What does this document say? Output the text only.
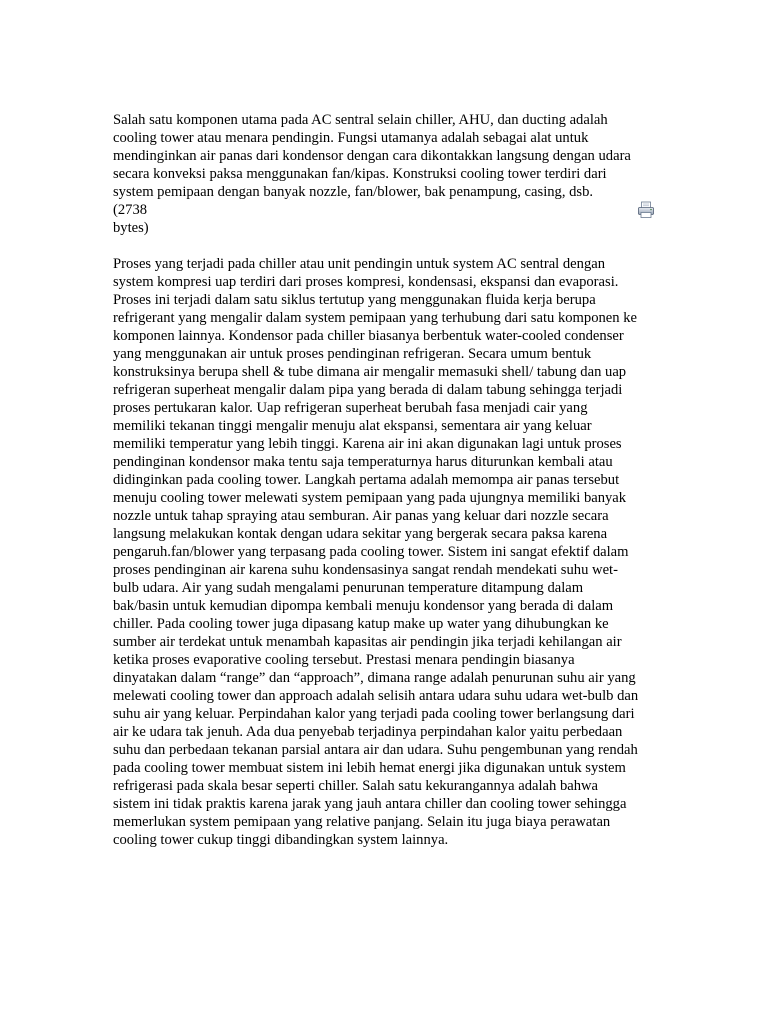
Salah satu komponen utama pada AC sentral selain chiller, AHU, dan ducting adalah
cooling tower atau menara pendingin. Fungsi utamanya adalah sebagai alat untuk
mendinginkan air panas dari kondensor dengan cara dikontakkan langsung dengan udara
secara konveksi paksa menggunakan fan/kipas. Konstruksi cooling tower terdiri dari
system pemipaan dengan banyak nozzle, fan/blower, bak penampung, casing, dsb.

(2738
bytes)

Proses yang terjadi pada chiller atau unit pendingin untuk system AC sentral dengan
system kompresi uap terdiri dari proses kompresi, kondensasi, ekspansi dan evaporasi.
Proses ini terjadi dalam satu siklus tertutup yang menggunakan fluida kerja berupa
refrigerant yang mengalir dalam system pemipaan yang terhubung dari satu komponen ke
komponen lainnya. Kondensor pada chiller biasanya berbentuk water-cooled condenser
yang menggunakan air untuk proses pendinginan refrigeran. Secara umum bentuk
konstruksinya berupa shell & tube dimana air mengalir memasuki shell/ tabung dan uap
refrigeran superheat mengalir dalam pipa yang berada di dalam tabung sehingga terjadi
proses pertukaran kalor. Uap refrigeran superheat berubah fasa menjadi cair yang
memiliki tekanan tinggi mengalir menuju alat ekspansi, sementara air yang keluar
memiliki temperatur yang lebih tinggi. Karena air ini akan digunakan lagi untuk proses
pendinginan kondensor maka tentu saja temperaturnya harus diturunkan kembali atau
didinginkan pada cooling tower. Langkah pertama adalah memompa air panas tersebut
menuju cooling tower melewati system pemipaan yang pada ujungnya memiliki banyak
nozzle untuk tahap spraying atau semburan. Air panas yang keluar dari nozzle secara
langsung melakukan kontak dengan udara sekitar yang bergerak secara paksa karena
pengaruh.fan/blower yang terpasang pada cooling tower. Sistem ini sangat efektif dalam
proses pendinginan air karena suhu kondensasinya sangat rendah mendekati suhu wet-
bulb udara. Air yang sudah mengalami penurunan temperature ditampung dalam
bak/basin untuk kemudian dipompa kembali menuju kondensor yang berada di dalam
chiller. Pada cooling tower juga dipasang katup make up water yang dihubungkan ke
sumber air terdekat untuk menambah kapasitas air pendingin jika terjadi kehilangan air
ketika proses evaporative cooling tersebut. Prestasi menara pendingin biasanya
dinyatakan dalam “range” dan “approach”, dimana range adalah penurunan suhu air yang
melewati cooling tower dan approach adalah selisih antara udara suhu udara wet-bulb dan
suhu air yang keluar. Perpindahan kalor yang terjadi pada cooling tower berlangsung dari
air ke udara tak jenuh. Ada dua penyebab terjadinya perpindahan kalor yaitu perbedaan
suhu dan perbedaan tekanan parsial antara air dan udara. Suhu pengembunan yang rendah
pada cooling tower membuat sistem ini lebih hemat energi jika digunakan untuk system
refrigerasi pada skala besar seperti chiller. Salah satu kekurangannya adalah bahwa
sistem ini tidak praktis karena jarak yang jauh antara chiller dan cooling tower sehingga
memerlukan system pemipaan yang relative panjang. Selain itu juga biaya perawatan
cooling tower cukup tinggi dibandingkan system lainnya.
